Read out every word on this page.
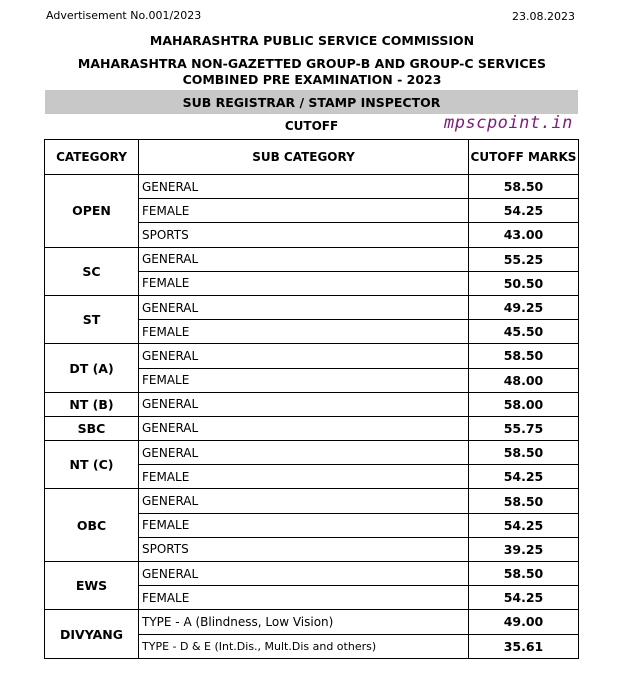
Advertisement No.001/2023	23.08.2023
MAHARASHTRA PUBLIC SERVICE COMMISSION
MAHARASHTRA NON-GAZETTED GROUP-B AND GROUP-C SERVICES
COMBINED PRE EXAMINATION - 2023
SUB REGISTRAR / STAMP INSPECTOR
CUTOFF	mpscpoint.in
CATEGORY	SUB CATEGORY	CUTOFF MARKS
OPEN	GENERAL	58.50
	FEMALE	54.25
	SPORTS	43.00
SC	GENERAL	55.25
	FEMALE	50.50
ST	GENERAL	49.25
	FEMALE	45.50
DT (A)	GENERAL	58.50
	FEMALE	48.00
NT (B)	GENERAL	58.00
SBC	GENERAL	55.75
NT (C)	GENERAL	58.50
	FEMALE	54.25
OBC	GENERAL	58.50
	FEMALE	54.25
	SPORTS	39.25
EWS	GENERAL	58.50
	FEMALE	54.25
DIVYANG	TYPE - A (Blindness, Low Vision)	49.00
	TYPE - D & E (Int.Dis., Mult.Dis and others)	35.61
